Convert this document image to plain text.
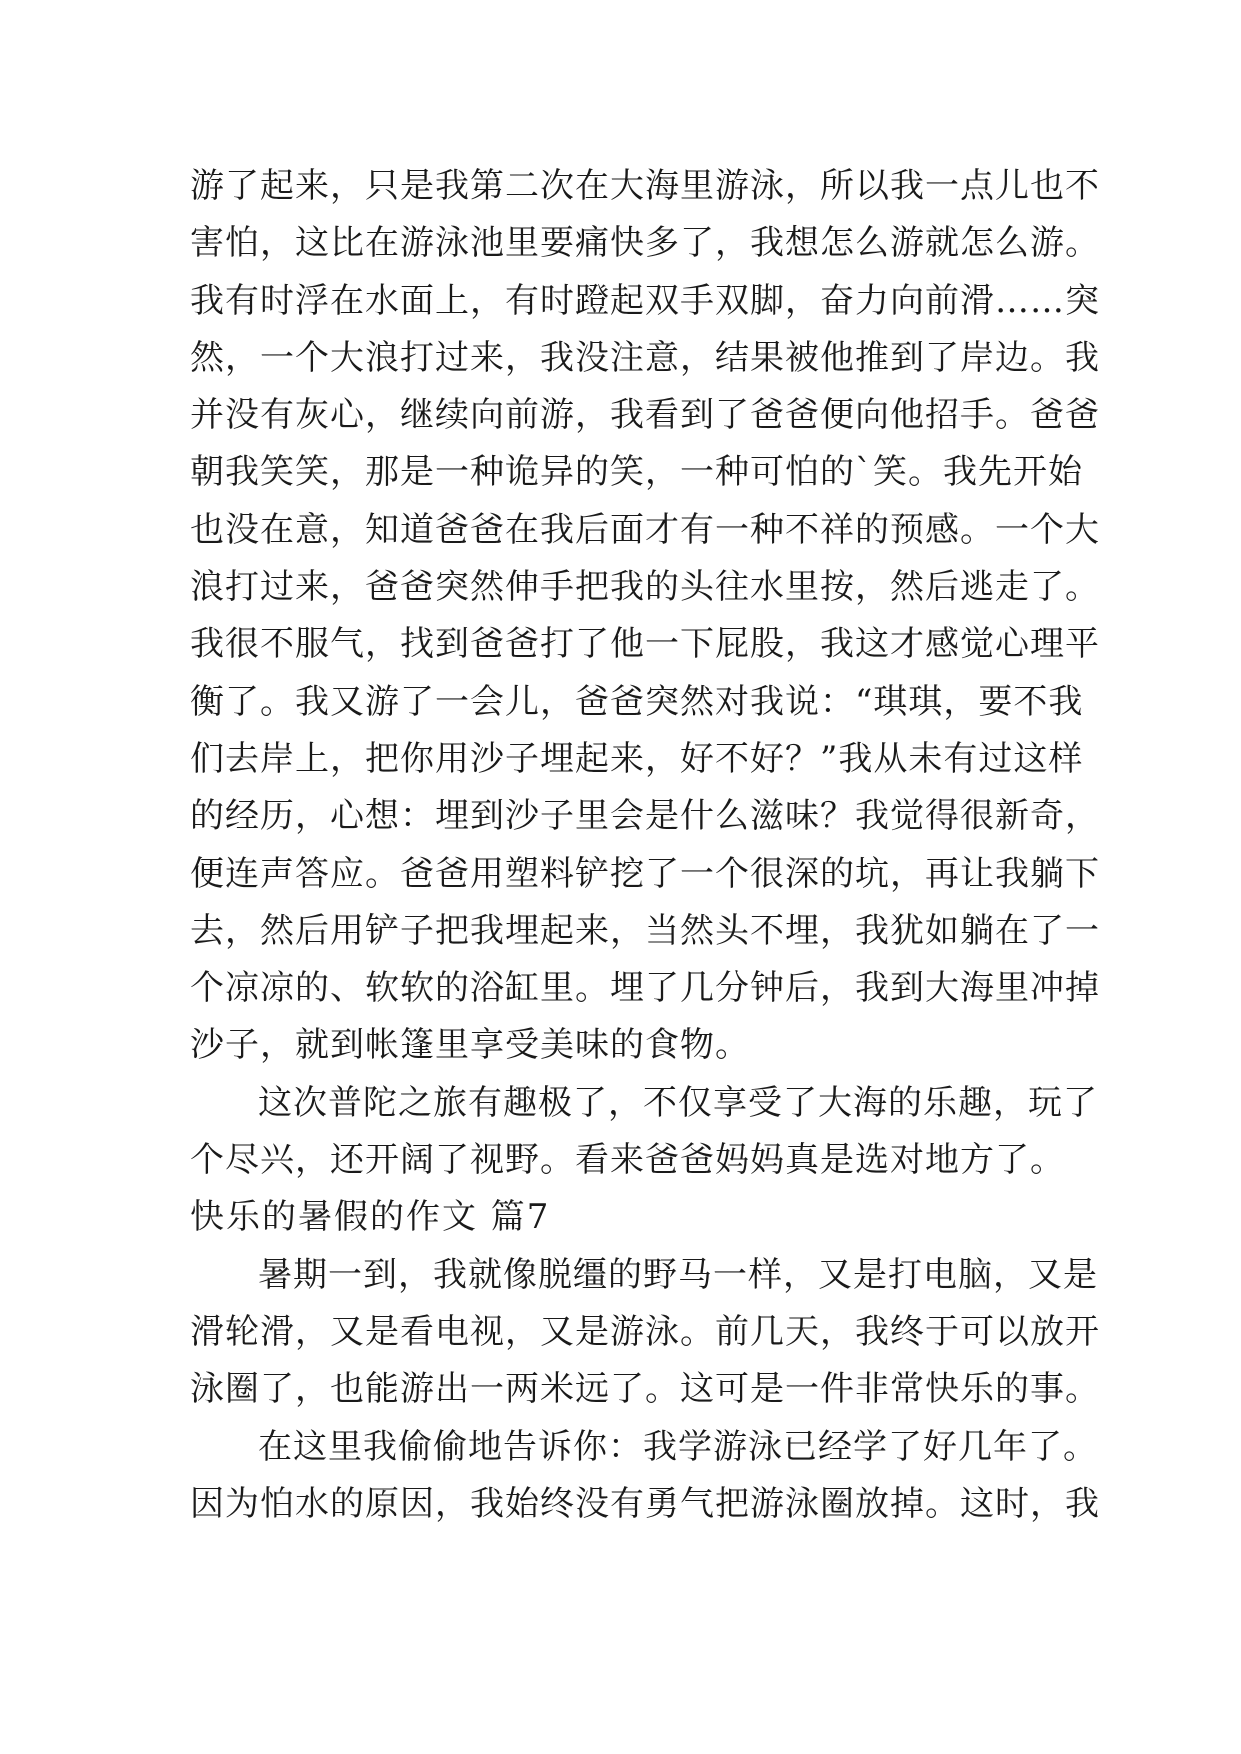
游了起来，只是我第二次在大海里游泳，所以我一点儿也不
害怕，这比在游泳池里要痛快多了，我想怎么游就怎么游。
我有时浮在水面上，有时蹬起双手双脚，奋力向前滑……突
然，一个大浪打过来，我没注意，结果被他推到了岸边。我
并没有灰心，继续向前游，我看到了爸爸便向他招手。爸爸
朝我笑笑，那是一种诡异的笑，一种可怕的`笑。我先开始
也没在意，知道爸爸在我后面才有一种不祥的预感。一个大
浪打过来，爸爸突然伸手把我的头往水里按，然后逃走了。
我很不服气，找到爸爸打了他一下屁股，我这才感觉心理平
衡了。我又游了一会儿，爸爸突然对我说：“琪琪，要不我
们去岸上，把你用沙子埋起来，好不好？”我从未有过这样
的经历，心想：埋到沙子里会是什么滋味？我觉得很新奇，
便连声答应。爸爸用塑料铲挖了一个很深的坑，再让我躺下
去，然后用铲子把我埋起来，当然头不埋，我犹如躺在了一
个凉凉的、软软的浴缸里。埋了几分钟后，我到大海里冲掉
沙子，就到帐篷里享受美味的食物。
这次普陀之旅有趣极了，不仅享受了大海的乐趣，玩了
个尽兴，还开阔了视野。看来爸爸妈妈真是选对地方了。
快乐的暑假的作文 篇7
暑期一到，我就像脱缰的野马一样，又是打电脑，又是
滑轮滑，又是看电视，又是游泳。前几天，我终于可以放开
泳圈了，也能游出一两米远了。这可是一件非常快乐的事。
在这里我偷偷地告诉你：我学游泳已经学了好几年了。
因为怕水的原因，我始终没有勇气把游泳圈放掉。这时，我
